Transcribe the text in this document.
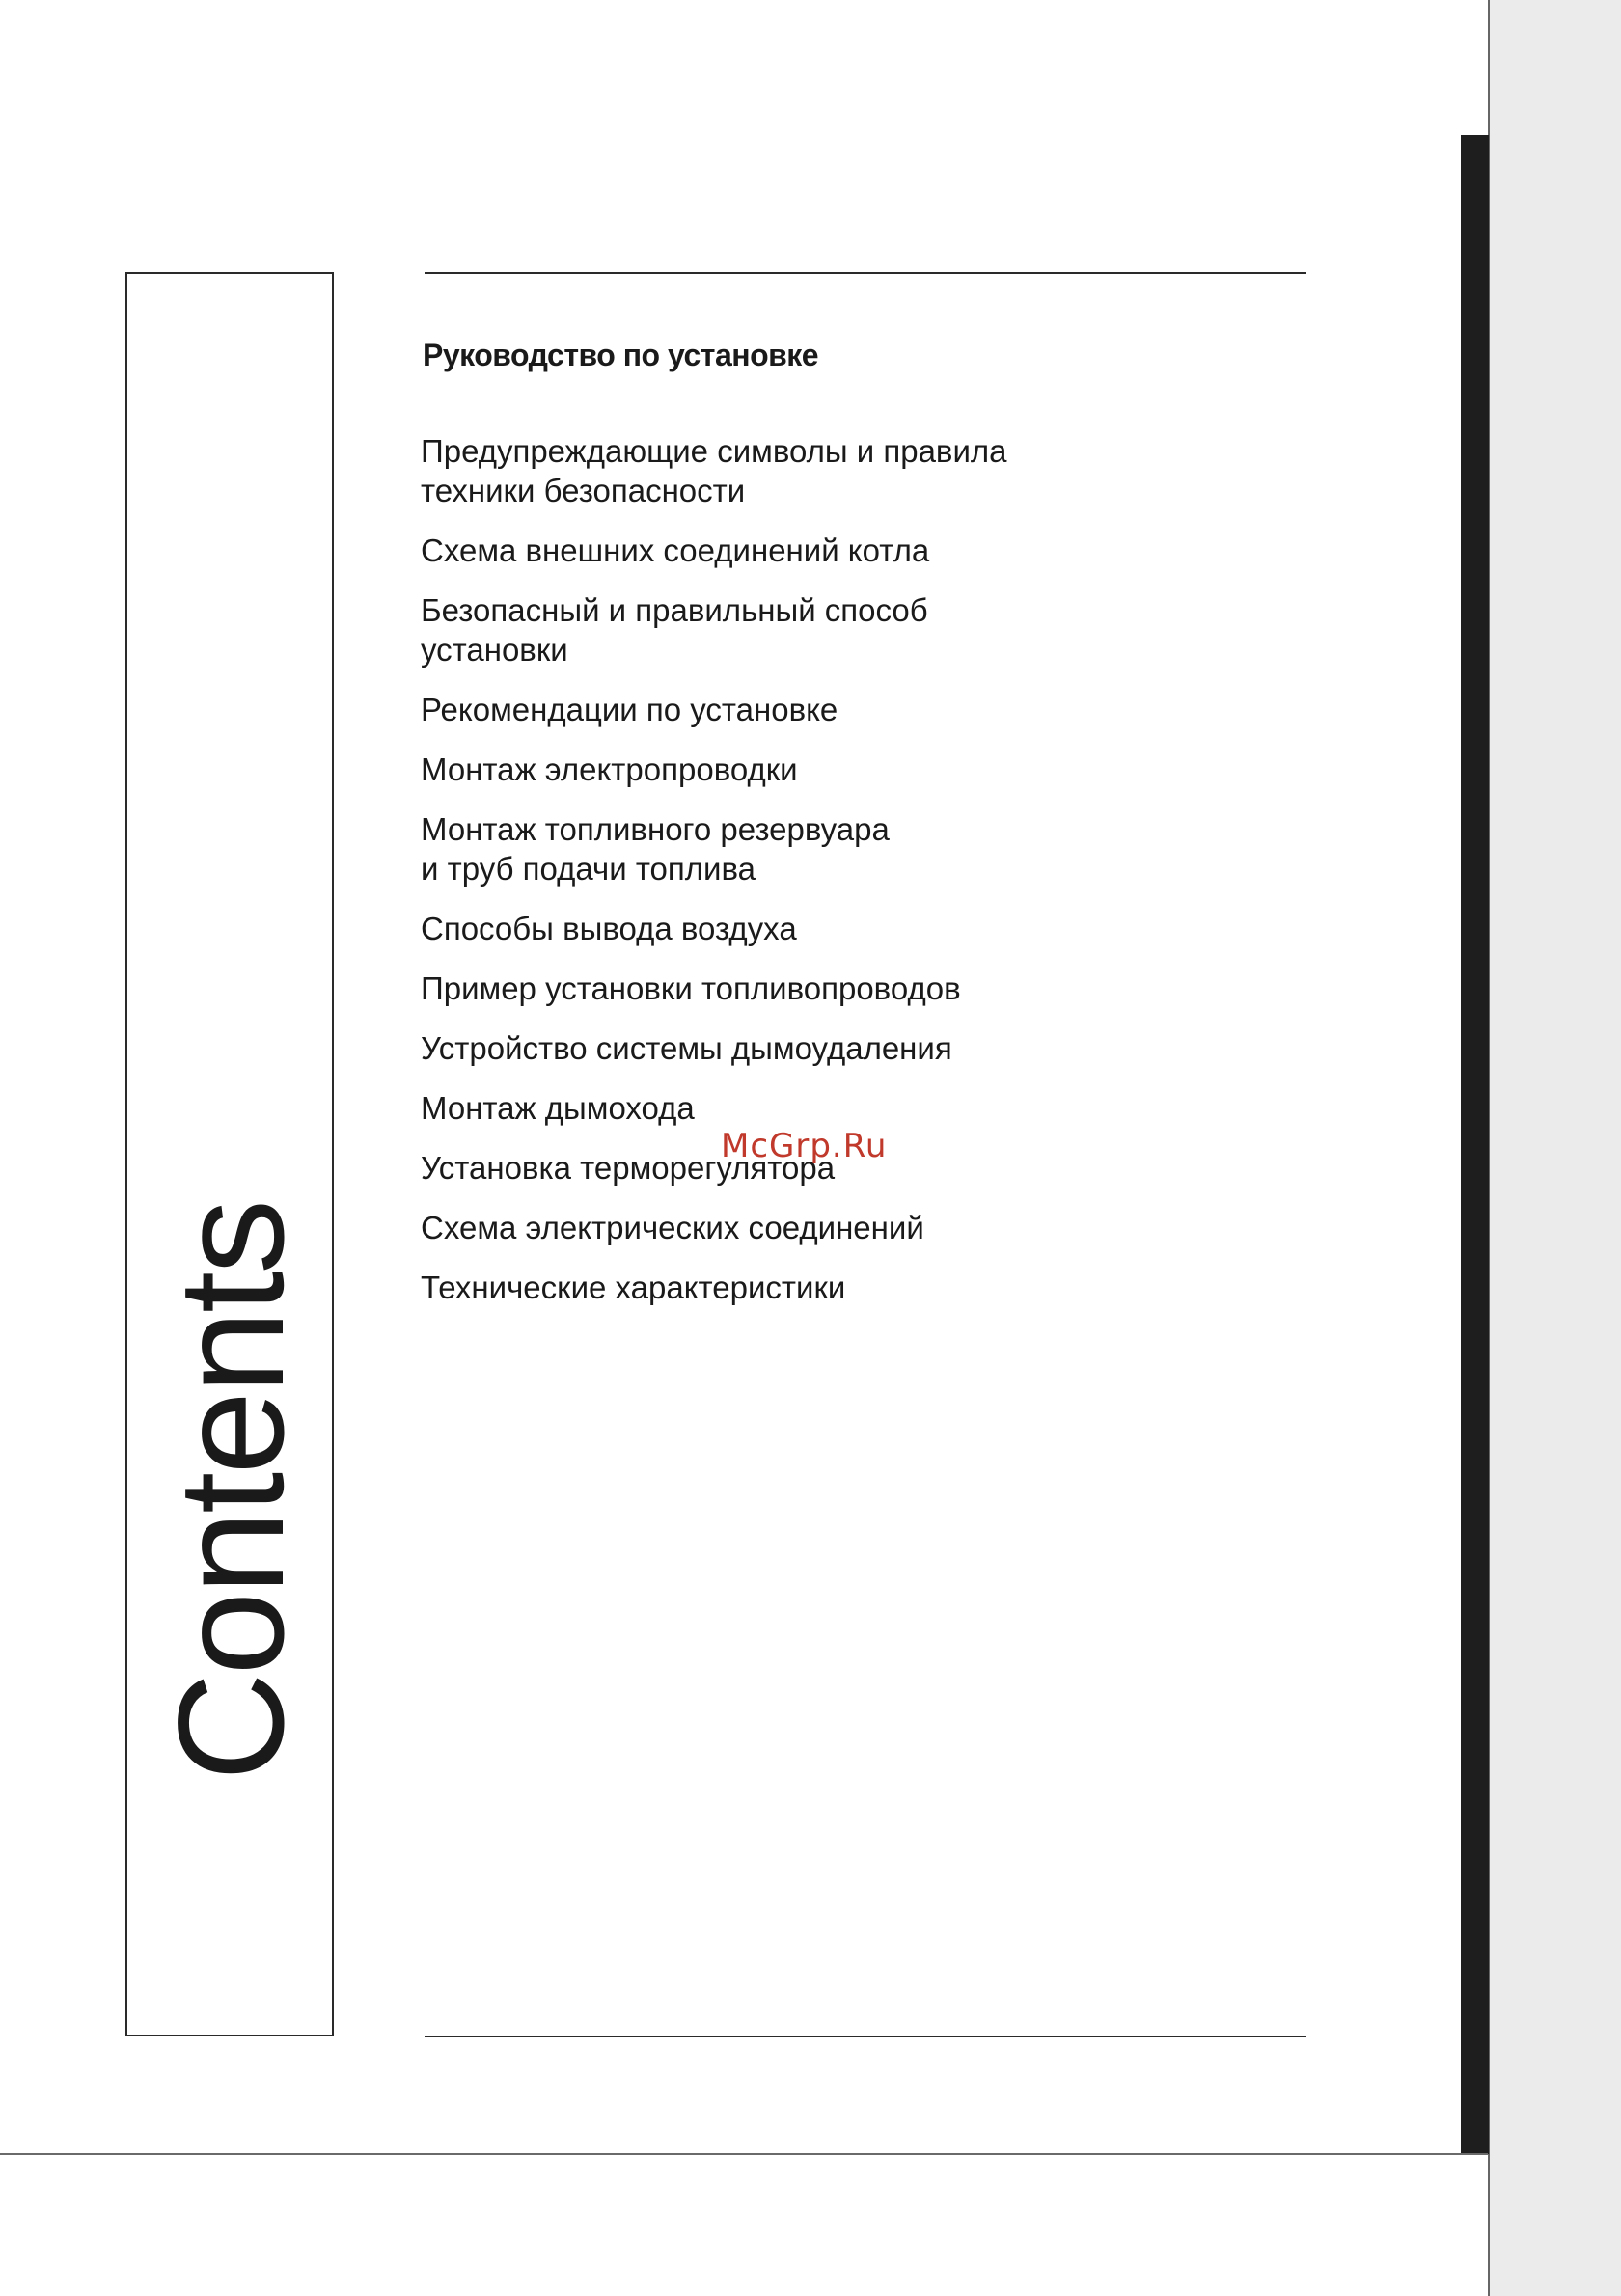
Contents
Руководство по установке
Предупреждающие символы и правила
техники безопасности
Схема внешних соединений котла
Безопасный и правильный способ
установки
Рекомендации по установке
Монтаж электропроводки
Монтаж топливного резервуара
и труб подачи топлива
Способы вывода воздуха
Пример установки топливопроводов
Устройство системы дымоудаления
Монтаж дымохода
Установка терморегулятора
Схема электрических соединений
Технические характеристики
McGrp.Ru
